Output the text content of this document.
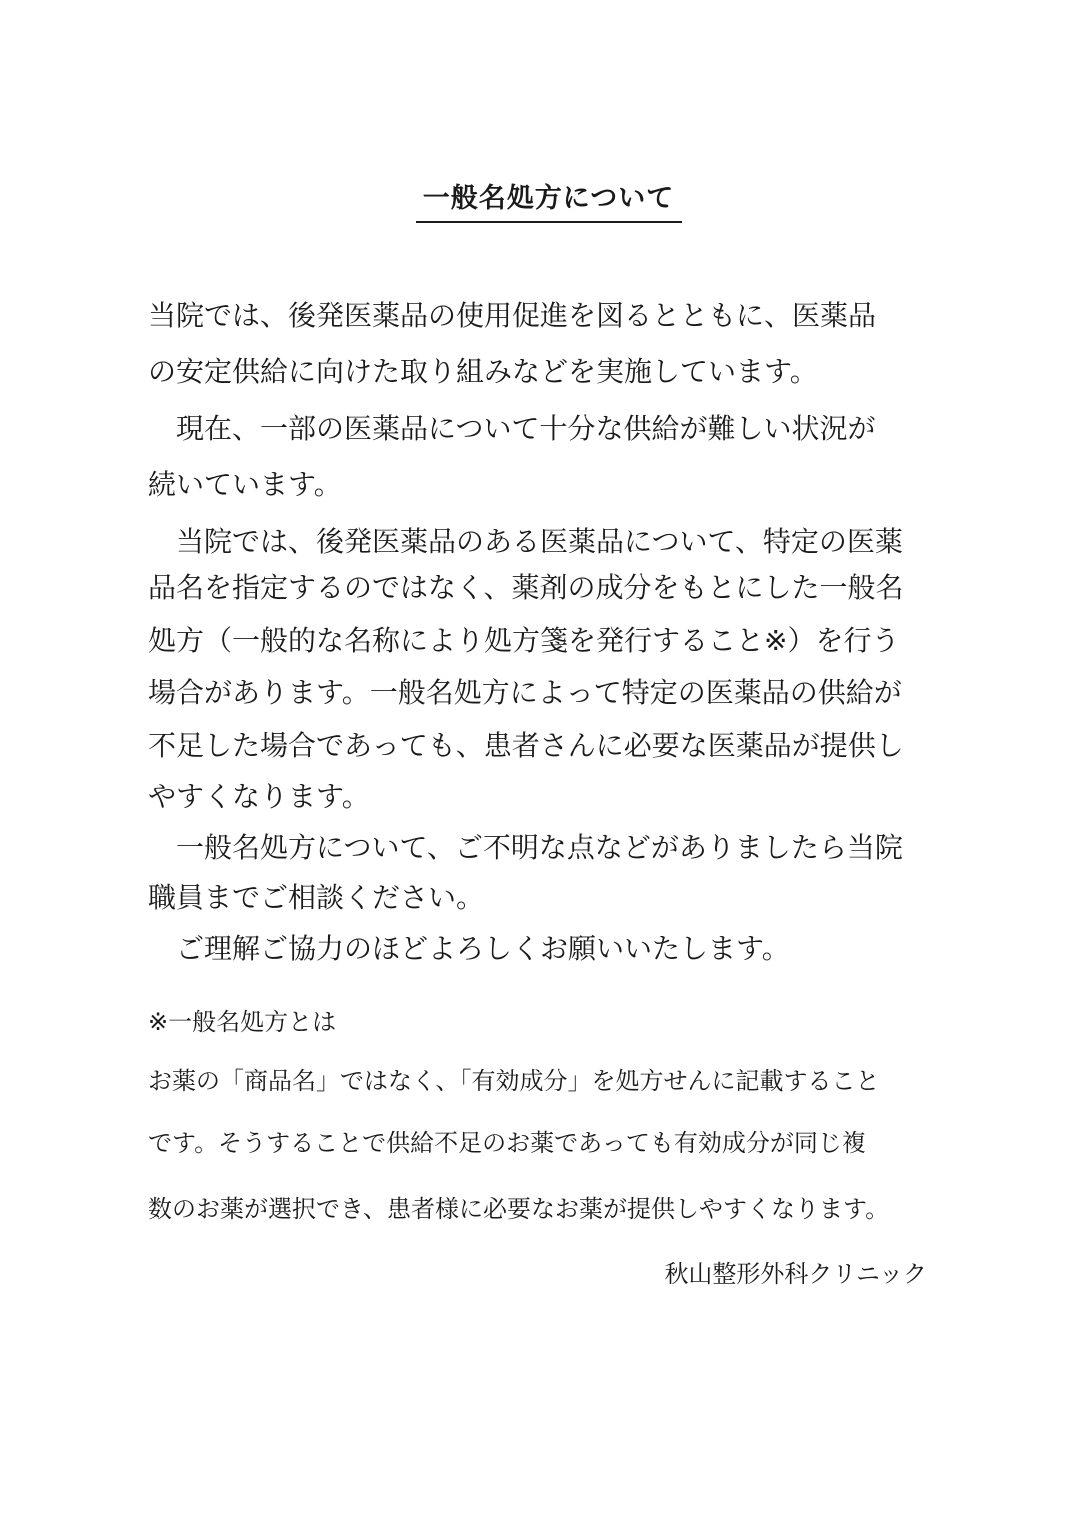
一般名処方について
当院では、後発医薬品の使用促進を図るとともに、医薬品
の安定供給に向けた取り組みなどを実施しています。
　現在、一部の医薬品について十分な供給が難しい状況が
続いています。
　当院では、後発医薬品のある医薬品について、特定の医薬
品名を指定するのではなく、薬剤の成分をもとにした一般名
処方（一般的な名称により処方箋を発行すること※）を行う
場合があります。一般名処方によって特定の医薬品の供給が
不足した場合であっても、患者さんに必要な医薬品が提供し
やすくなります。
　一般名処方について、ご不明な点などがありましたら当院
職員までご相談ください。
　ご理解ご協力のほどよろしくお願いいたします。
※一般名処方とは
お薬の「商品名」ではなく、「有効成分」を処方せんに記載すること
です。そうすることで供給不足のお薬であっても有効成分が同じ複
数のお薬が選択でき、患者様に必要なお薬が提供しやすくなります。
秋山整形外科クリニック
